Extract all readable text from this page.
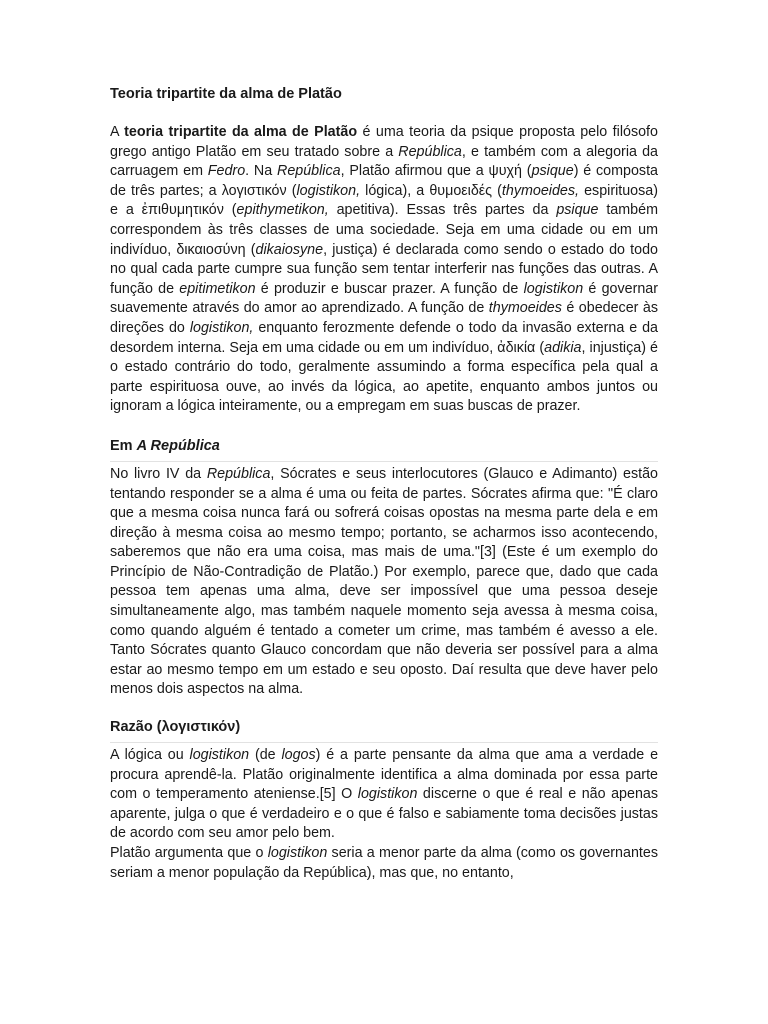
Teoria tripartite da alma de Platão

A teoria tripartite da alma de Platão é uma teoria da psique proposta pelo filósofo grego antigo Platão em seu tratado sobre a República, e também com a alegoria da carruagem em Fedro. Na República, Platão afirmou que a ψυχή (psique) é composta de três partes; a λογιστικόν (logistikon, lógica), a θυμοειδές (thymoeides, espirituosa) e a ἐπιθυμητικόν (epithymetikon, apetitiva). Essas três partes da psique também correspondem às três classes de uma sociedade. Seja em uma cidade ou em um indivíduo, δικαιοσύνη (dikaiosyne, justiça) é declarada como sendo o estado do todo no qual cada parte cumpre sua função sem tentar interferir nas funções das outras. A função de epitimetikon é produzir e buscar prazer. A função de logistikon é governar suavemente através do amor ao aprendizado. A função de thymoeides é obedecer às direções do logistikon, enquanto ferozmente defende o todo da invasão externa e da desordem interna. Seja em uma cidade ou em um indivíduo, ἀδικία (adikia, injustiça) é o estado contrário do todo, geralmente assumindo a forma específica pela qual a parte espirituosa ouve, ao invés da lógica, ao apetite, enquanto ambos juntos ou ignoram a lógica inteiramente, ou a empregam em suas buscas de prazer.

Em A República

No livro IV da República, Sócrates e seus interlocutores (Glauco e Adimanto) estão tentando responder se a alma é uma ou feita de partes. Sócrates afirma que: "É claro que a mesma coisa nunca fará ou sofrerá coisas opostas na mesma parte dela e em direção à mesma coisa ao mesmo tempo; portanto, se acharmos isso acontecendo, saberemos que não era uma coisa, mas mais de uma."[3] (Este é um exemplo do Princípio de Não-Contradição de Platão.) Por exemplo, parece que, dado que cada pessoa tem apenas uma alma, deve ser impossível que uma pessoa deseje simultaneamente algo, mas também naquele momento seja avessa à mesma coisa, como quando alguém é tentado a cometer um crime, mas também é avesso a ele. Tanto Sócrates quanto Glauco concordam que não deveria ser possível para a alma estar ao mesmo tempo em um estado e seu oposto. Daí resulta que deve haver pelo menos dois aspectos na alma.

Razão (λογιστικόν)

A lógica ou logistikon (de logos) é a parte pensante da alma que ama a verdade e procura aprendê-la. Platão originalmente identifica a alma dominada por essa parte com o temperamento ateniense.[5] O logistikon discerne o que é real e não apenas aparente, julga o que é verdadeiro e o que é falso e sabiamente toma decisões justas de acordo com seu amor pelo bem.

Platão argumenta que o logistikon seria a menor parte da alma (como os governantes seriam a menor população da República), mas que, no entanto,
